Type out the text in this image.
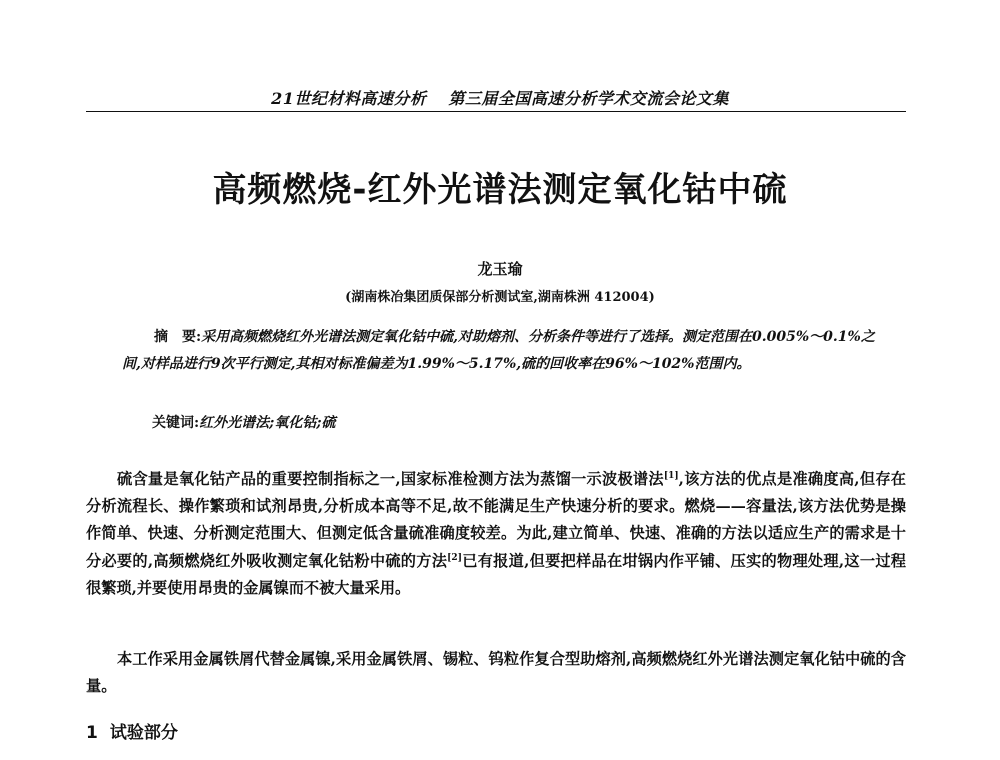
21世纪材料高速分析 第三届全国高速分析学术交流会论文集
高频燃烧-红外光谱法测定氧化钴中硫
龙玉瑜
(湖南株冶集团质保部分析测试室,湖南株洲 412004)
摘　要:采用高频燃烧红外光谱法测定氧化钴中硫,对助熔剂、分析条件等进行了选择。测定范围在0.005%～0.1%之间,对样品进行9次平行测定,其相对标准偏差为1.99%～5.17%,硫的回收率在96%～102%范围内。
关键词:红外光谱法;氧化钴;硫
硫含量是氧化钴产品的重要控制指标之一,国家标准检测方法为蒸馏一示波极谱法[1],该方法的优点是准确度高,但存在分析流程长、操作繁琐和试剂昂贵,分析成本高等不足,故不能满足生产快速分析的要求。燃烧——容量法,该方法优势是操作简单、快速、分析测定范围大、但测定低含量硫准确度较差。为此,建立简单、快速、准确的方法以适应生产的需求是十分必要的,高频燃烧红外吸收测定氧化钴粉中硫的方法[2]已有报道,但要把样品在坩锅内作平铺、压实的物理处理,这一过程很繁琐,并要使用昂贵的金属镍而不被大量采用。
本工作采用金属铁屑代替金属镍,采用金属铁屑、锡粒、钨粒作复合型助熔剂,高频燃烧红外光谱法测定氧化钴中硫的含量。
1 试验部分
